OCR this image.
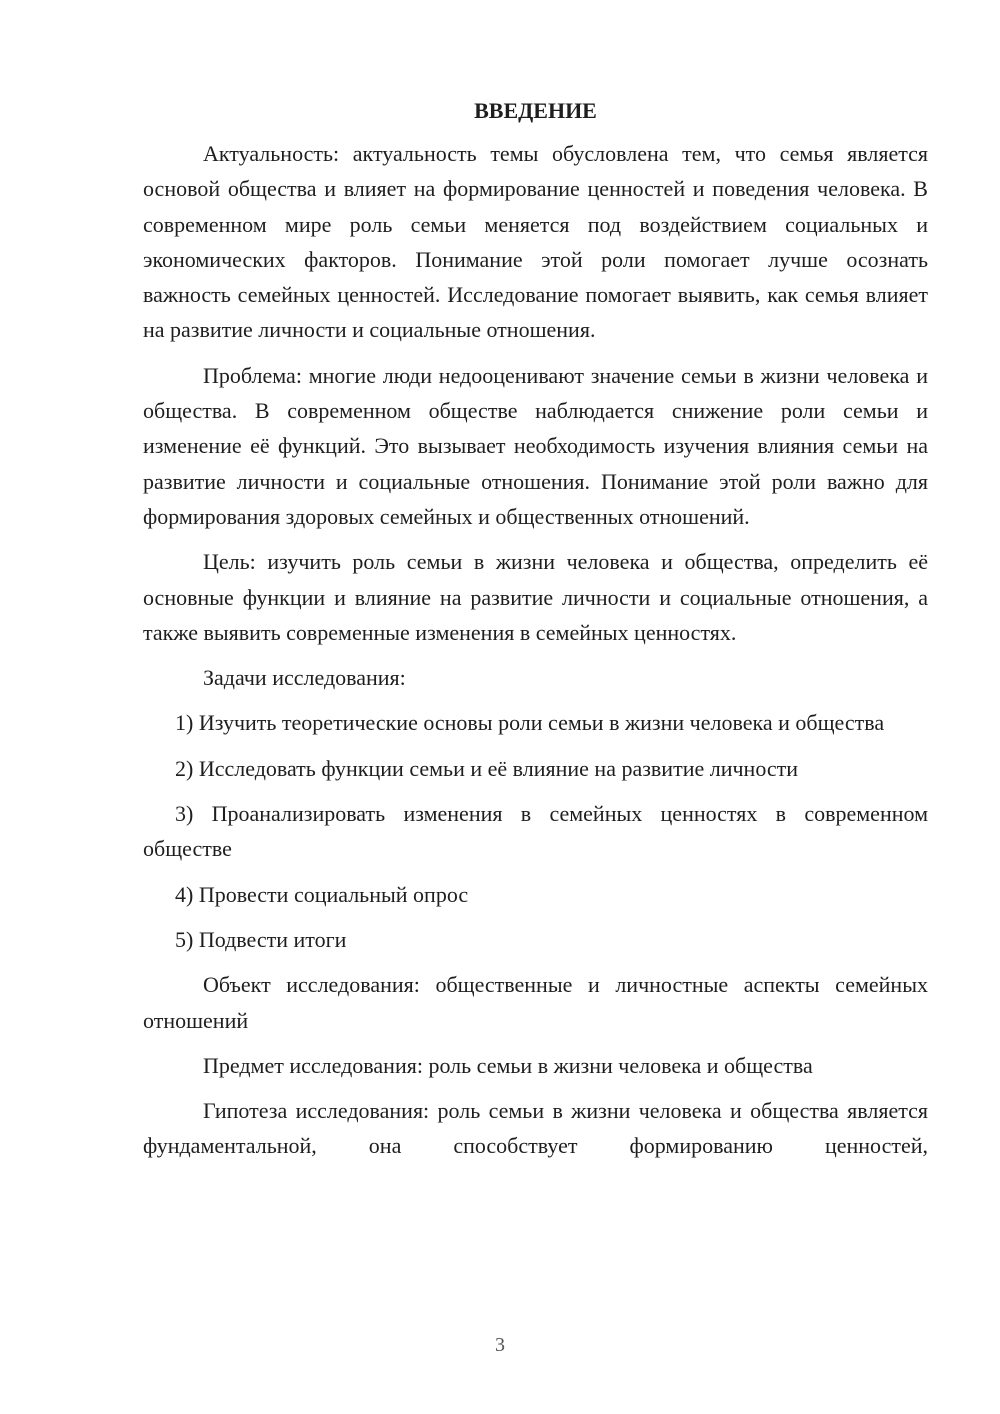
ВВЕДЕНИЕ

Актуальность: актуальность темы обусловлена тем, что семья является основой общества и влияет на формирование ценностей и поведения человека. В современном мире роль семьи меняется под воздействием социальных и экономических факторов. Понимание этой роли помогает лучше осознать важность семейных ценностей. Исследование помогает выявить, как семья влияет на развитие личности и социальные отношения.

Проблема: многие люди недооценивают значение семьи в жизни человека и общества. В современном обществе наблюдается снижение роли семьи и изменение её функций. Это вызывает необходимость изучения влияния семьи на развитие личности и социальные отношения. Понимание этой роли важно для формирования здоровых семейных и общественных отношений.

Цель: изучить роль семьи в жизни человека и общества, определить её основные функции и влияние на развитие личности и социальные отношения, а также выявить современные изменения в семейных ценностях.

Задачи исследования:

1) Изучить теоретические основы роли семьи в жизни человека и общества

2) Исследовать функции семьи и её влияние на развитие личности

3) Проанализировать изменения в семейных ценностях в современном обществе

4) Провести социальный опрос

5) Подвести итоги

Объект исследования: общественные и личностные аспекты семейных отношений

Предмет исследования: роль семьи в жизни человека и общества

Гипотеза исследования: роль семьи в жизни человека и общества является фундаментальной, она способствует формированию ценностей,

3
